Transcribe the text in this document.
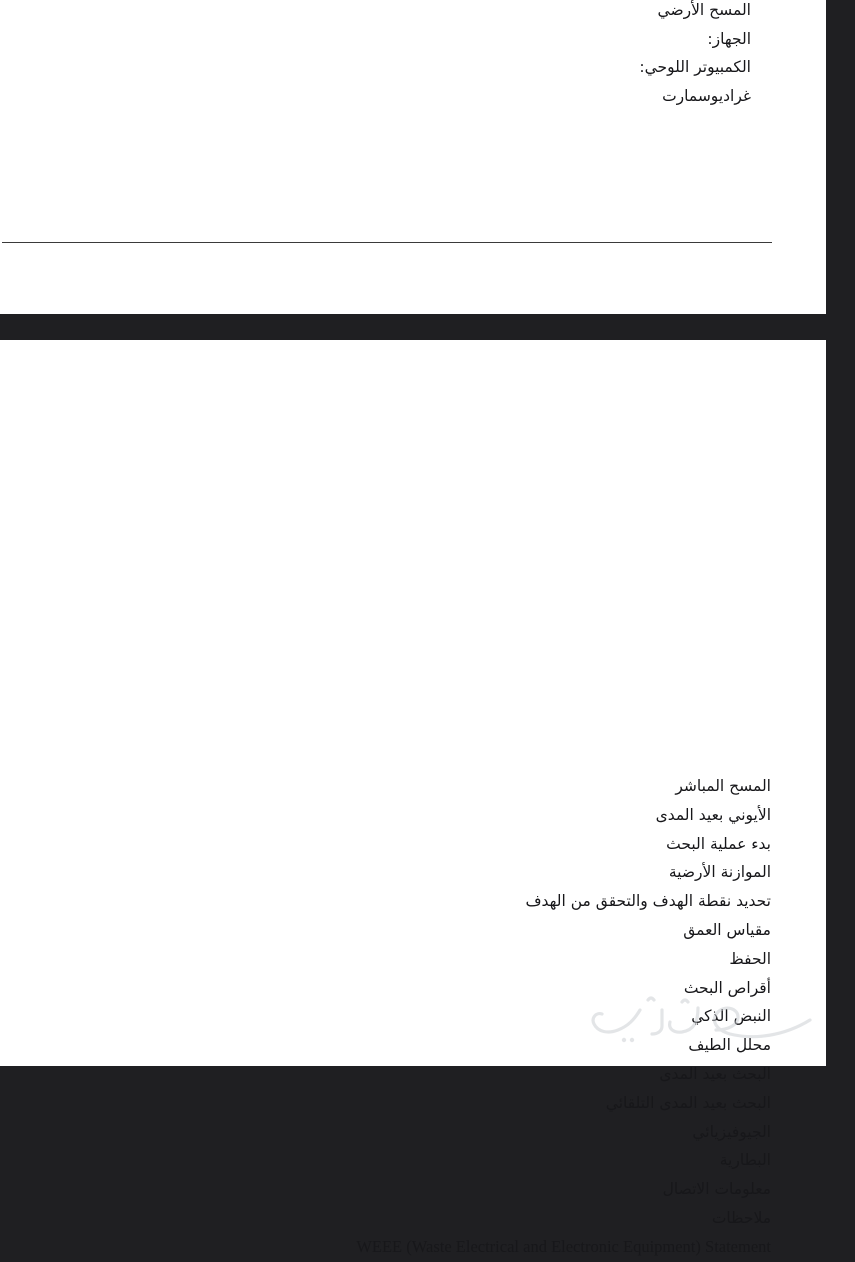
المسح الأرضي
الجهاز:
الكمبيوتر اللوحي:
غراديوسمارت
المسح المباشر
الأيوني بعيد المدى
بدء عملية البحث
الموازنة الأرضية
تحديد نقطة الهدف والتحقق من الهدف
مقياس العمق
الحفظ
أقراص البحث
النبض الذكي
محلل الطيف
البحث بعيد المدى
البحث بعيد المدى التلقائي
الجيوفيزيائي
البطارية
معلومات الاتصال
ملاحظات
WEEE (Waste Electrical and Electronic Equipment) Statement
